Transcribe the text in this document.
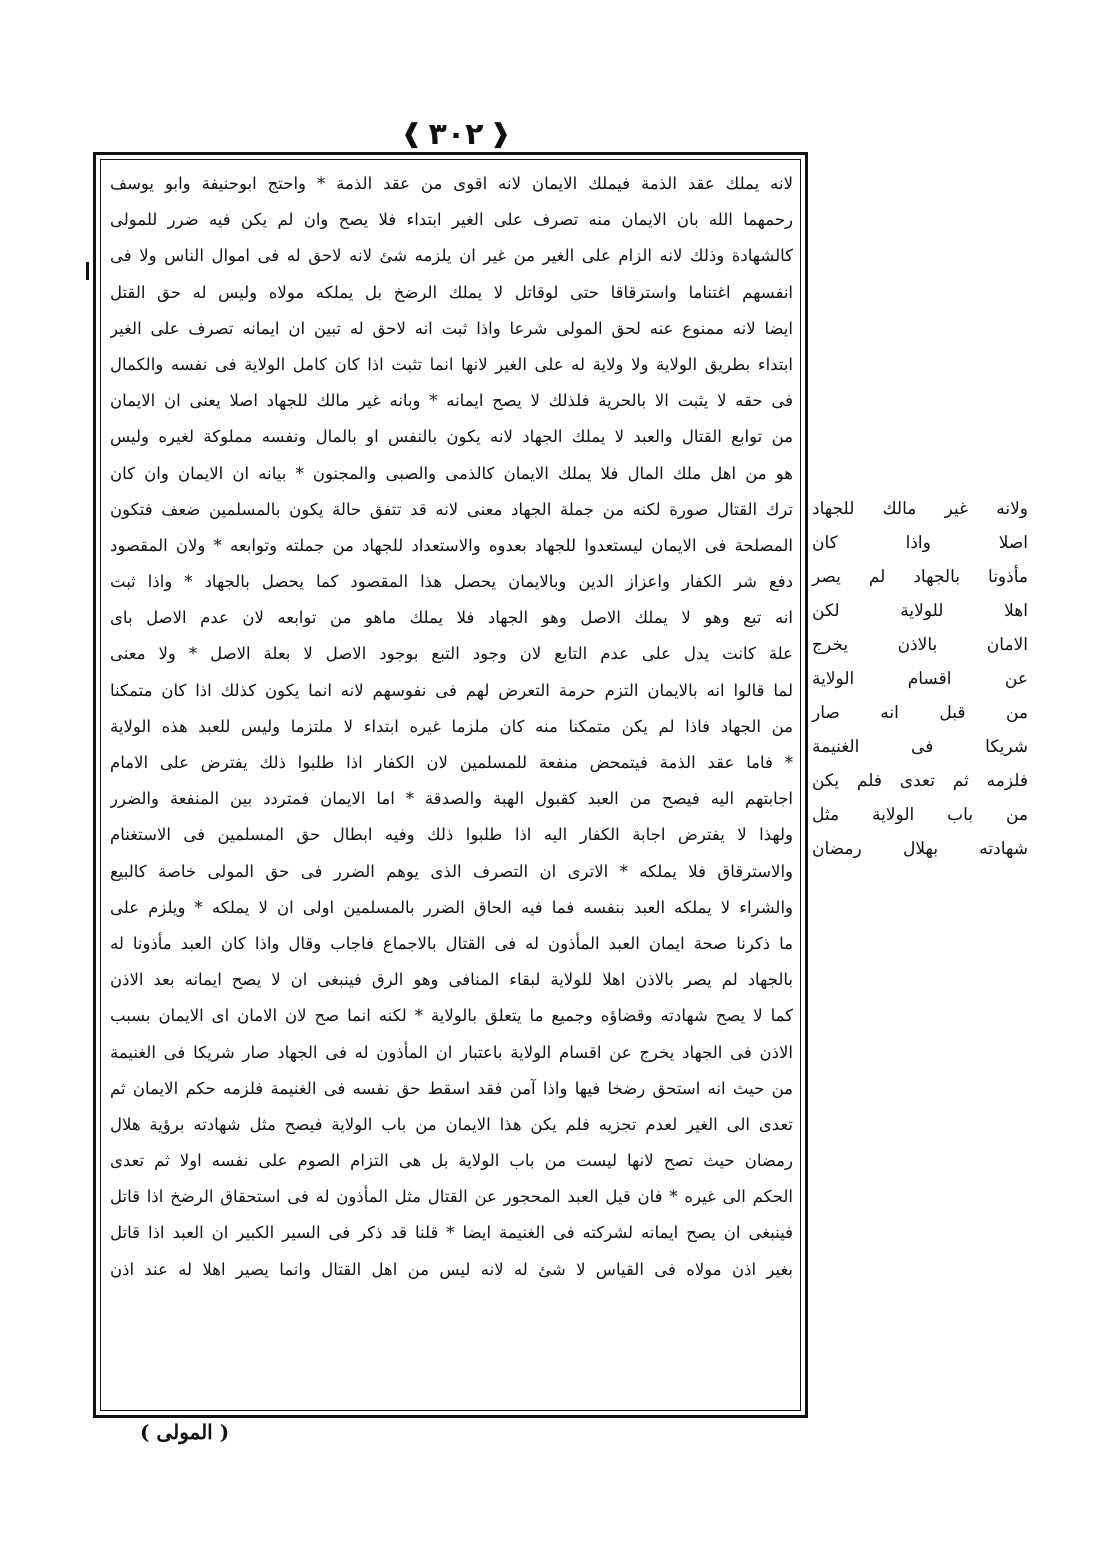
❰
٣٠٢
❱
لانه يملك عقد الذمة فيملك الايمان لانه اقوى من عقد الذمة * واحتج ابوحنيفة وابو يوسف
رحمهما الله بان الايمان منه تصرف على الغير ابتداء فلا يصح وان لم يكن فيه ضرر للمولى
كالشهادة وذلك لانه الزام على الغير من غير ان يلزمه شئ لانه لاحق له فى اموال الناس ولا فى
انفسهم اغتناما واسترقاقا حتى لوقاتل لا يملك الرضخ بل يملكه مولاه وليس له حق القتل
ايضا لانه ممنوع عنه لحق المولى شرعا واذا ثبت انه لاحق له تبين ان ايمانه تصرف على الغير
ابتداء بطريق الولاية ولا ولاية له على الغير لانها انما تثبت اذا كان كامل الولاية فى نفسه والكمال
فى حقه لا يثبت الا بالحرية فلذلك لا يصح ايمانه * وبانه غير مالك للجهاد اصلا يعنى ان الايمان
من توابع القتال والعبد لا يملك الجهاد لانه يكون بالنفس او بالمال ونفسه مملوكة لغيره وليس
هو من اهل ملك المال فلا يملك الايمان كالذمى والصبى والمجنون * بيانه ان الايمان وان كان
ترك القتال صورة لكنه من جملة الجهاد معنى لانه قد تتفق حالة يكون بالمسلمين ضعف فتكون
المصلحة فى الايمان ليستعدوا للجهاد بعدوه والاستعداد للجهاد من جملته وتوابعه * ولان المقصود
دفع شر الكفار واعزاز الدين وبالايمان يحصل هذا المقصود كما يحصل بالجهاد * واذا ثبت
انه تبع وهو لا يملك الاصل وهو الجهاد فلا يملك ماهو من توابعه لان عدم الاصل باى
علة كانت يدل على عدم التابع لان وجود التبع بوجود الاصل لا بعلة الاصل * ولا معنى
لما قالوا انه بالايمان التزم حرمة التعرض لهم فى نفوسهم لانه انما يكون كذلك اذا كان متمكنا
من الجهاد فاذا لم يكن متمكنا منه كان ملزما غيره ابتداء لا ملتزما وليس للعبد هذه الولاية
* فاما عقد الذمة فيتمحض منفعة للمسلمين لان الكفار اذا طلبوا ذلك يفترض على الامام
اجابتهم اليه فيصح من العبد كقبول الهبة والصدقة * اما الايمان فمتردد بين المنفعة والضرر
ولهذا لا يفترض اجابة الكفار اليه اذا طلبوا ذلك وفيه ابطال حق المسلمين فى الاستغنام
والاسترقاق فلا يملكه * الاترى ان التصرف الذى يوهم الضرر فى حق المولى خاصة كالبيع
والشراء لا يملكه العبد بنفسه فما فيه الحاق الضرر بالمسلمين اولى ان لا يملكه * ويلزم على
ما ذكرنا صحة ايمان العبد المأذون له فى القتال بالاجماع فاجاب وقال واذا كان العبد مأذونا له
بالجهاد لم يصر بالاذن اهلا للولاية لبقاء المنافى وهو الرق فينبغى ان لا يصح ايمانه بعد الاذن
كما لا يصح شهادته وقضاؤه وجميع ما يتعلق بالولاية * لكنه انما صح لان الامان اى الايمان بسبب
الاذن فى الجهاد يخرج عن اقسام الولاية باعتبار ان المأذون له فى الجهاد صار شريكا فى الغنيمة
من حيث انه استحق رضخا فيها واذا آمن فقد اسقط حق نفسه فى الغنيمة فلزمه حكم الايمان ثم
تعدى الى الغير لعدم تجزيه فلم يكن هذا الايمان من باب الولاية فيصح مثل شهادته برؤية هلال
رمضان حيث تصح لانها ليست من باب الولاية بل هى التزام الصوم على نفسه اولا ثم تعدى
الحكم الى غيره * فان قيل العبد المحجور عن القتال مثل المأذون له فى استحقاق الرضخ اذا قاتل
فينبغى ان يصح ايمانه لشركته فى الغنيمة ايضا * قلنا قد ذكر فى السير الكبير ان العبد اذا قاتل
بغير اذن مولاه فى القياس لا شئ له لانه ليس من اهل القتال وانما يصير اهلا له عند اذن
ولانه غير مالك للجهاد
اصلا واذا كان
مأذونا بالجهاد لم يصر
اهلا للولاية لكن
الامان بالاذن يخرج
عن اقسام الولاية
من قبل انه صار
شريكا فى الغنيمة
فلزمه ثم تعدى فلم يكن
من باب الولاية مثل
شهادته بهلال رمضان
( المولى )
